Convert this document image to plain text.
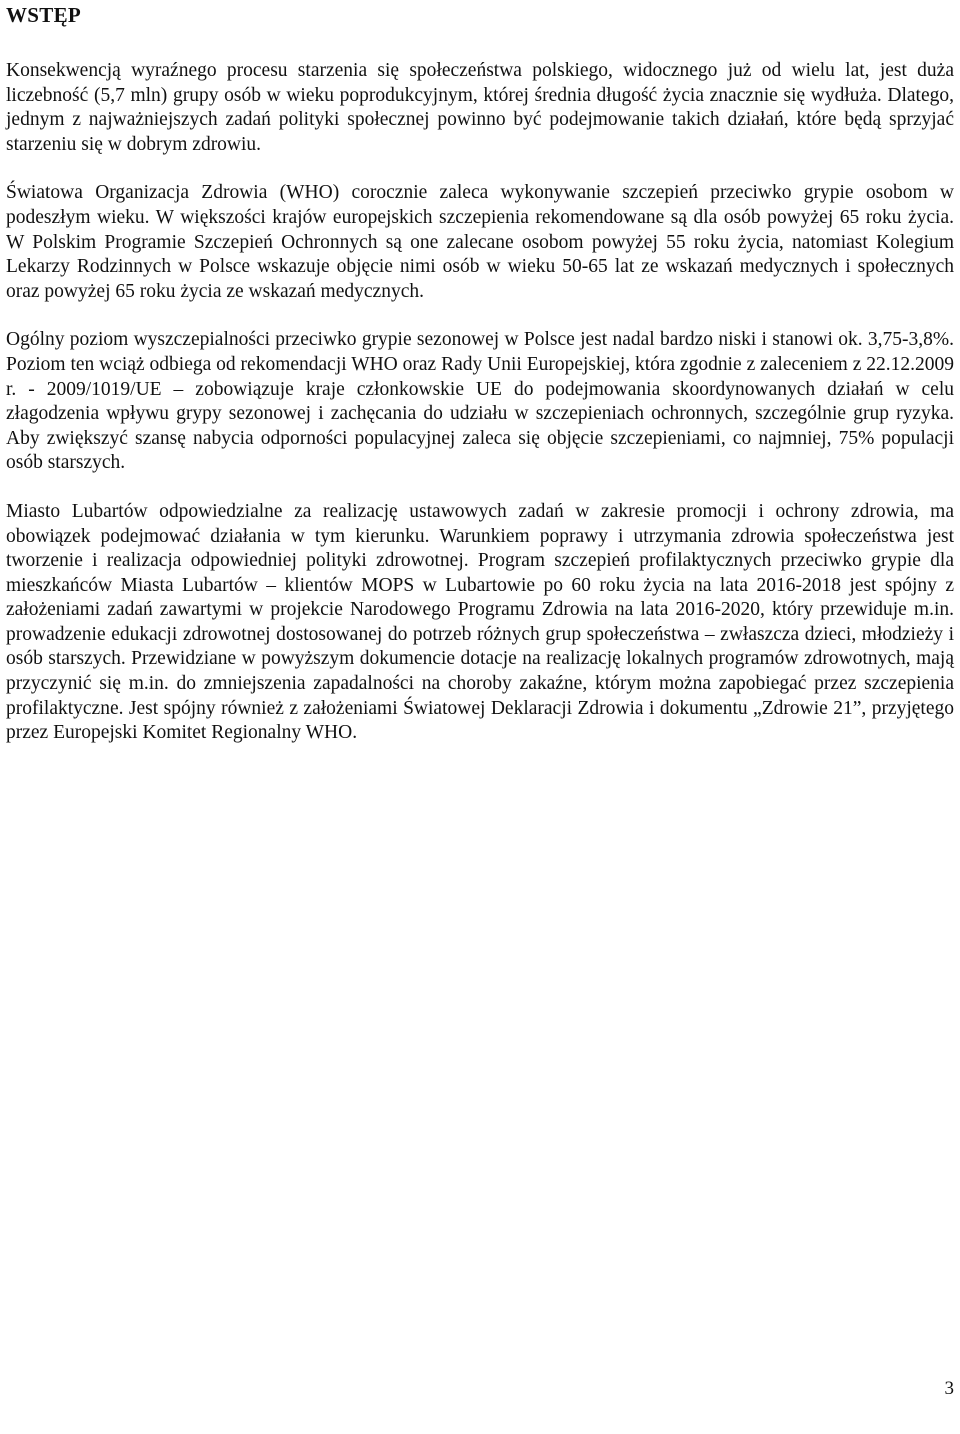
WSTĘP

Konsekwencją wyraźnego procesu starzenia się społeczeństwa polskiego, widocznego już od wielu lat, jest duża liczebność (5,7 mln) grupy osób w wieku poprodukcyjnym, której średnia długość życia znacznie się wydłuża. Dlatego, jednym z najważniejszych zadań polityki społecznej powinno być podejmowanie takich działań, które będą sprzyjać starzeniu się w dobrym zdrowiu.

Światowa Organizacja Zdrowia (WHO) corocznie zaleca wykonywanie szczepień przeciwko grypie osobom w podeszłym wieku. W większości krajów europejskich szczepienia rekomendowane są dla osób powyżej 65 roku życia. W Polskim Programie Szczepień Ochronnych są one zalecane osobom powyżej 55 roku życia, natomiast Kolegium Lekarzy Rodzinnych w Polsce wskazuje objęcie nimi osób w wieku 50-65 lat ze wskazań medycznych i społecznych oraz powyżej 65 roku życia ze wskazań medycznych.

Ogólny poziom wyszczepialności przeciwko grypie sezonowej w Polsce jest nadal bardzo niski i stanowi ok. 3,75-3,8%. Poziom ten wciąż odbiega od rekomendacji WHO oraz Rady Unii Europejskiej, która zgodnie z zaleceniem z 22.12.2009 r. - 2009/1019/UE – zobowiązuje kraje członkowskie UE do podejmowania skoordynowanych działań w celu złagodzenia wpływu grypy sezonowej i zachęcania do udziału w szczepieniach ochronnych, szczególnie grup ryzyka. Aby zwiększyć szansę nabycia odporności populacyjnej zaleca się objęcie szczepieniami, co najmniej, 75% populacji osób starszych.

Miasto Lubartów odpowiedzialne za realizację ustawowych zadań w zakresie promocji i ochrony zdrowia, ma obowiązek podejmować działania w tym kierunku. Warunkiem poprawy i utrzymania zdrowia społeczeństwa jest tworzenie i realizacja odpowiedniej polityki zdrowotnej. Program szczepień profilaktycznych przeciwko grypie dla mieszkańców Miasta Lubartów – klientów MOPS w Lubartowie po 60 roku życia na lata 2016-2018 jest spójny z założeniami zadań zawartymi w projekcie Narodowego Programu Zdrowia na lata 2016-2020, który przewiduje m.in. prowadzenie edukacji zdrowotnej dostosowanej do potrzeb różnych grup społeczeństwa – zwłaszcza dzieci, młodzieży i osób starszych. Przewidziane w powyższym dokumencie dotacje na realizację lokalnych programów zdrowotnych, mają przyczynić się m.in. do zmniejszenia zapadalności na choroby zakaźne, którym można zapobiegać przez szczepienia profilaktyczne. Jest spójny również z założeniami Światowej Deklaracji Zdrowia i dokumentu „Zdrowie 21”, przyjętego przez Europejski Komitet Regionalny WHO.

3
